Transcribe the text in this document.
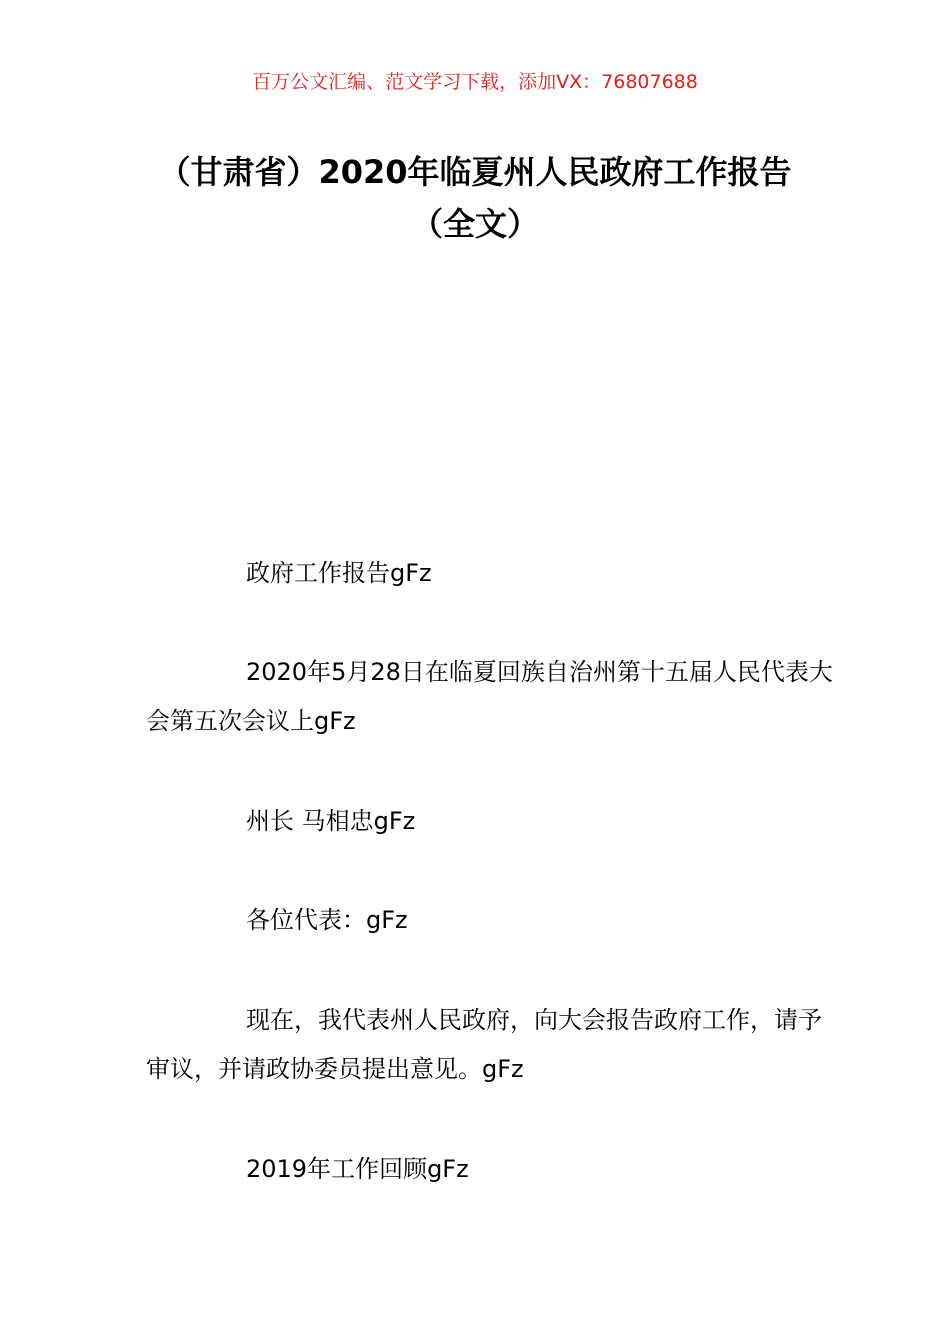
百万公文汇编、范文学习下载，添加VX：76807688
（甘肃省）2020年临夏州人民政府工作报告（全文）

政府工作报告gFz

2020年5月28日在临夏回族自治州第十五届人民代表大会第五次会议上gFz

州长 马相忠gFz

各位代表：gFz

现在，我代表州人民政府，向大会报告政府工作，请予审议，并请政协委员提出意见。gFz

2019年工作回顾gFz
